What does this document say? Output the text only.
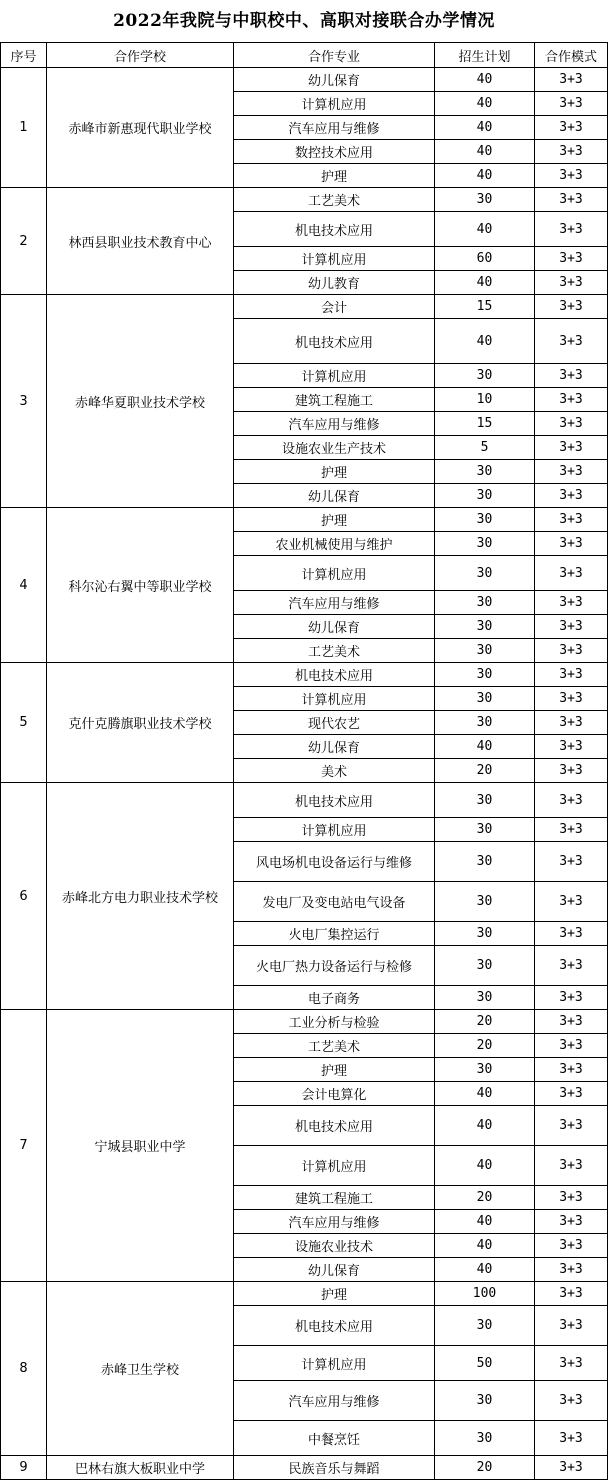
2022年我院与中职校中、高职对接联合办学情况
序号	合作学校	合作专业	招生计划	合作模式
1	赤峰市新惠现代职业学校	幼儿保育	40	3+3
		计算机应用	40	3+3
		汽车应用与维修	40	3+3
		数控技术应用	40	3+3
		护理	40	3+3
2	林西县职业技术教育中心	工艺美术	30	3+3
		机电技术应用	40	3+3
		计算机应用	60	3+3
		幼儿教育	40	3+3
3	赤峰华夏职业技术学校	会计	15	3+3
		机电技术应用	40	3+3
		计算机应用	30	3+3
		建筑工程施工	10	3+3
		汽车应用与维修	15	3+3
		设施农业生产技术	5	3+3
		护理	30	3+3
		幼儿保育	30	3+3
4	科尔沁右翼中等职业学校	护理	30	3+3
		农业机械使用与维护	30	3+3
		计算机应用	30	3+3
		汽车应用与维修	30	3+3
		幼儿保育	30	3+3
		工艺美术	30	3+3
5	克什克腾旗职业技术学校	机电技术应用	30	3+3
		计算机应用	30	3+3
		现代农艺	30	3+3
		幼儿保育	40	3+3
		美术	20	3+3
6	赤峰北方电力职业技术学校	机电技术应用	30	3+3
		计算机应用	30	3+3
		风电场机电设备运行与维修	30	3+3
		发电厂及变电站电气设备	30	3+3
		火电厂集控运行	30	3+3
		火电厂热力设备运行与检修	30	3+3
		电子商务	30	3+3
7	宁城县职业中学	工业分析与检验	20	3+3
		工艺美术	20	3+3
		护理	30	3+3
		会计电算化	40	3+3
		机电技术应用	40	3+3
		计算机应用	40	3+3
		建筑工程施工	20	3+3
		汽车应用与维修	40	3+3
		设施农业技术	40	3+3
		幼儿保育	40	3+3
8	赤峰卫生学校	护理	100	3+3
		机电技术应用	30	3+3
		计算机应用	50	3+3
		汽车应用与维修	30	3+3
		中餐烹饪	30	3+3
9	巴林右旗大板职业中学	民族音乐与舞蹈	20	3+3
